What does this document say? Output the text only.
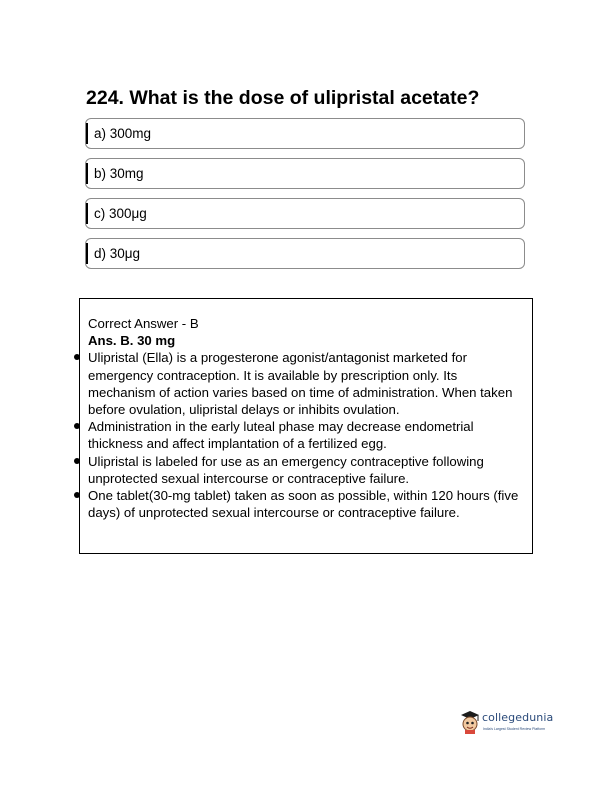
224. What is the dose of ulipristal acetate?
a) 300mg
b) 30mg
c) 300μg
d) 30μg

Correct Answer - B

Ans. B. 30 mg

Ulipristal (Ella) is a progesterone agonist/antagonist marketed for emergency contraception. It is available by prescription only. Its mechanism of action varies based on time of administration. When taken before ovulation, ulipristal delays or inhibits ovulation.
Administration in the early luteal phase may decrease endometrial thickness and affect implantation of a fertilized egg.
Ulipristal is labeled for use as an emergency contraceptive following unprotected sexual intercourse or contraceptive failure.
One tablet(30-mg tablet) taken as soon as possible, within 120 hours (five days) of unprotected sexual intercourse or contraceptive failure.
collegedunia
India's Largest Student Review Platform
